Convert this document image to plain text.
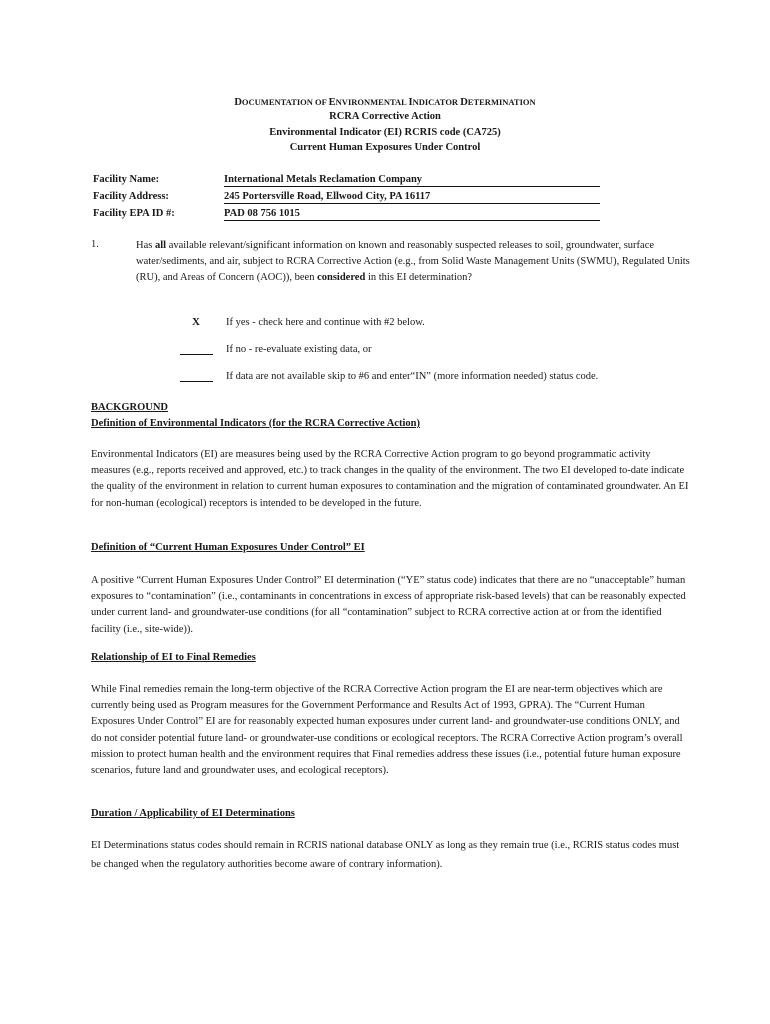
DOCUMENTATION OF ENVIRONMENTAL INDICATOR DETERMINATION
RCRA Corrective Action
Environmental Indicator (EI) RCRIS code (CA725)
Current Human Exposures Under Control
Facility Name:	International Metals Reclamation Company
Facility Address:	245 Portersville Road, Ellwood City, PA 16117
Facility EPA ID #:	PAD 08 756 1015
1.	Has all available relevant/significant information on known and reasonably suspected releases to soil, groundwater, surface water/sediments, and air, subject to RCRA Corrective Action (e.g., from Solid Waste Management Units (SWMU), Regulated Units (RU), and Areas of Concern (AOC)), been considered in this EI determination?
X If yes - check here and continue with #2 below.
If no - re-evaluate existing data, or
If data are not available skip to #6 and enter“IN” (more information needed) status code.
BACKGROUND
Definition of Environmental Indicators (for the RCRA Corrective Action)
Environmental Indicators (EI) are measures being used by the RCRA Corrective Action program to go beyond programmatic activity measures (e.g., reports received and approved, etc.) to track changes in the quality of the environment. The two EI developed to-date indicate the quality of the environment in relation to current human exposures to contamination and the migration of contaminated groundwater. An EI for non-human (ecological) receptors is intended to be developed in the future.
Definition of “Current Human Exposures Under Control” EI
A positive “Current Human Exposures Under Control” EI determination (“YE” status code) indicates that there are no “unacceptable” human exposures to “contamination” (i.e., contaminants in concentrations in excess of appropriate risk-based levels) that can be reasonably expected under current land- and groundwater-use conditions (for all “contamination” subject to RCRA corrective action at or from the identified facility (i.e., site-wide)).
Relationship of EI to Final Remedies
While Final remedies remain the long-term objective of the RCRA Corrective Action program the EI are near-term objectives which are currently being used as Program measures for the Government Performance and Results Act of 1993, GPRA). The “Current Human Exposures Under Control” EI are for reasonably expected human exposures under current land- and groundwater-use conditions ONLY, and do not consider potential future land- or groundwater-use conditions or ecological receptors. The RCRA Corrective Action program’s overall mission to protect human health and the environment requires that Final remedies address these issues (i.e., potential future human exposure scenarios, future land and groundwater uses, and ecological receptors).
Duration / Applicability of EI Determinations
EI Determinations status codes should remain in RCRIS national database ONLY as long as they remain true (i.e., RCRIS status codes must be changed when the regulatory authorities become aware of contrary information).
